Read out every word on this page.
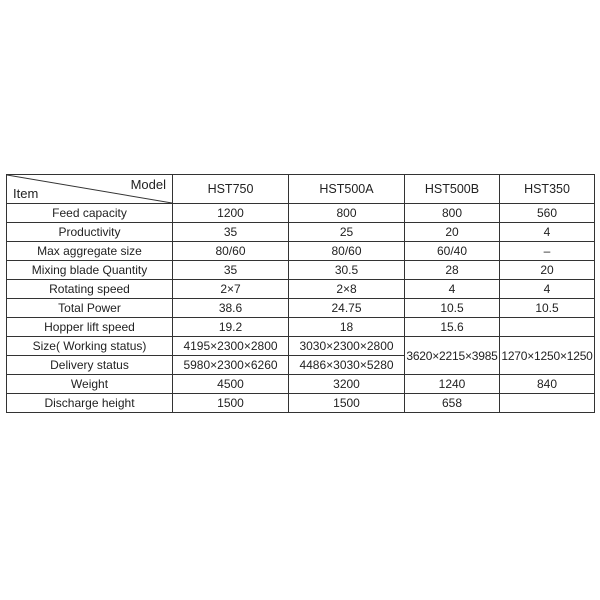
Model
Item	HST750	HST500A	HST500B	HST350
Feed capacity	1200	800	800	560
Productivity	35	25	20	4
Max aggregate size	80/60	80/60	60/40	–
Mixing blade Quantity	35	30.5	28	20
Rotating speed	2×7	2×8	4	4
Total Power	38.6	24.75	10.5	10.5
Hopper lift speed	19.2	18	15.6	
Size( Working status)	4195×2300×2800	3030×2300×2800	3620×2215×3985	1270×1250×1250
Delivery status	5980×2300×6260	4486×3030×5280		
Weight	4500	3200	1240	840
Discharge height	1500	1500	658	
